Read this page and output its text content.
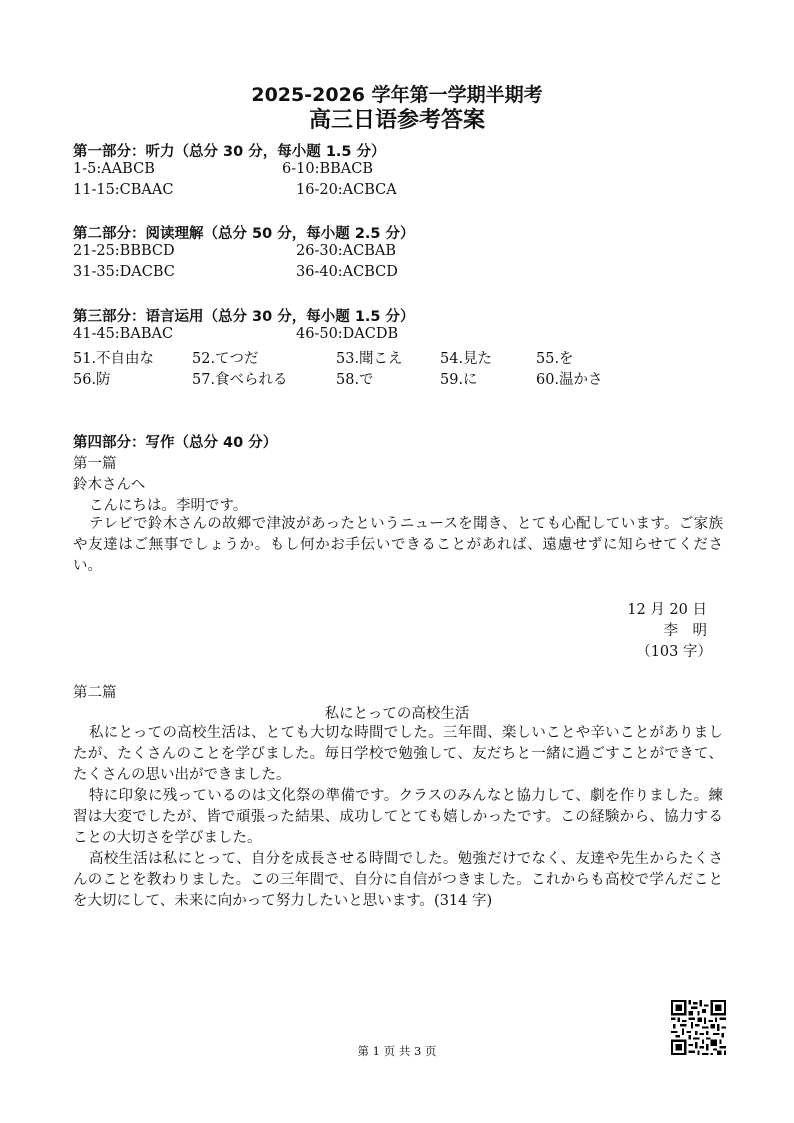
2025-2026 学年第一学期半期考
高三日语参考答案
第一部分：听力（总分 30 分，每小题 1.5 分）
1-5:AABCB	6-10:BBACB
11-15:CBAAC	16-20:ACBCA
第二部分：阅读理解（总分 50 分，每小题 2.5 分）
21-25:BBBCD	26-30:ACBAB
31-35:DACBC	36-40:ACBCD
第三部分：语言运用（总分 30 分，每小题 1.5 分）
41-45:BABAC	46-50:DACDB
51.不自由な	52.てつだ	53.聞こえ	54.見た	55.を
56.防	57.食べられる	58.で	59.に	60.温かさ
第四部分：写作（总分 40 分）
第一篇
鈴木さんへ
こんにちは。李明です。
テレビで鈴木さんの故郷で津波があったというニュースを聞き、とても心配しています。ご家族や友達はご無事でしょうか。もし何かお手伝いできることがあれば、遠慮せずに知らせてください。
12 月 20 日
李　明
（103 字）
第二篇
私にとっての高校生活
私にとっての高校生活は、とても大切な時間でした。三年間、楽しいことや辛いことがありましたが、たくさんのことを学びました。毎日学校で勉強して、友だちと一緒に過ごすことができて、たくさんの思い出ができました。
特に印象に残っているのは文化祭の準備です。クラスのみんなと協力して、劇を作りました。練習は大変でしたが、皆で頑張った結果、成功してとても嬉しかったです。この経験から、協力することの大切さを学びました。
高校生活は私にとって、自分を成長させる時間でした。勉強だけでなく、友達や先生からたくさんのことを教わりました。この三年間で、自分に自信がつきました。これからも高校で学んだことを大切にして、未来に向かって努力したいと思います。(314 字)
第 1 页 共 3 页
